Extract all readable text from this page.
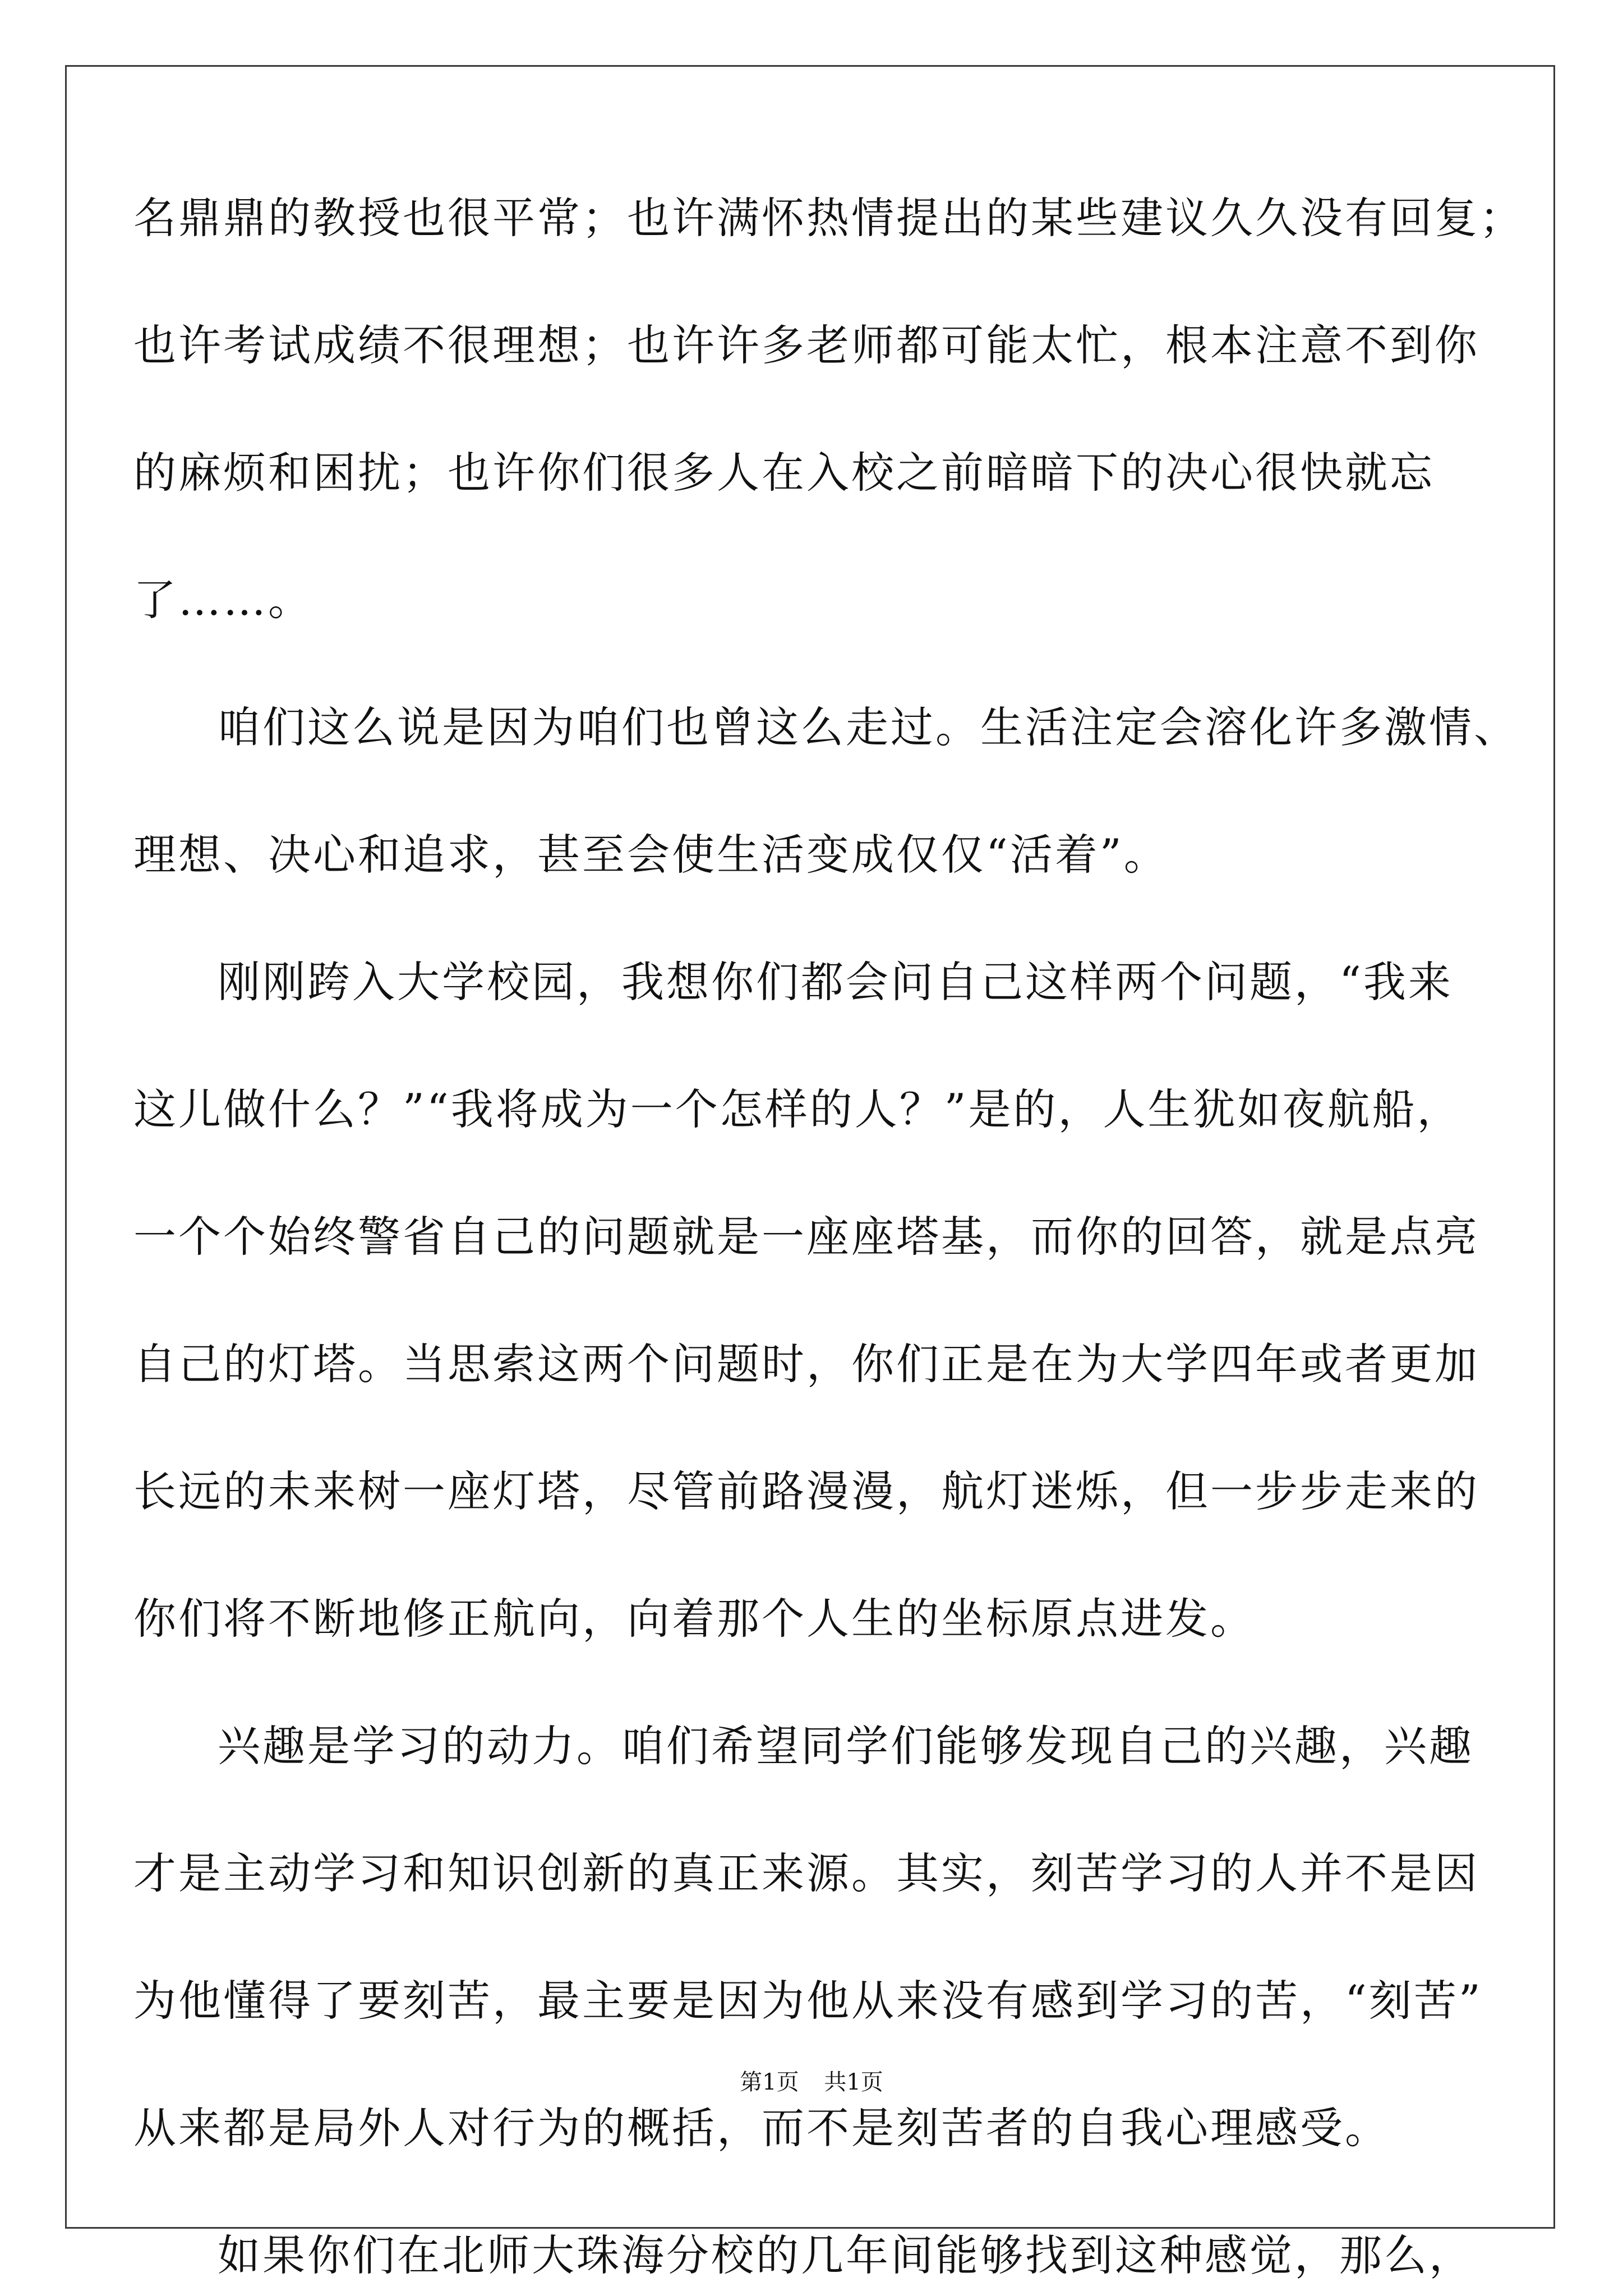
名鼎鼎的教授也很平常；也许满怀热情提出的某些建议久久没有回复；
也许考试成绩不很理想；也许许多老师都可能太忙，根本注意不到你
的麻烦和困扰；也许你们很多人在入校之前暗暗下的决心很快就忘
了……。
咱们这么说是因为咱们也曾这么走过。生活注定会溶化许多激情、
理想、决心和追求，甚至会使生活变成仅仅“活着”。
刚刚跨入大学校园，我想你们都会问自己这样两个问题，“我来
这儿做什么？”“我将成为一个怎样的人？”是的，人生犹如夜航船，
一个个始终警省自己的问题就是一座座塔基，而你的回答，就是点亮
自己的灯塔。当思索这两个问题时，你们正是在为大学四年或者更加
长远的未来树一座灯塔，尽管前路漫漫，航灯迷烁，但一步步走来的
你们将不断地修正航向，向着那个人生的坐标原点进发。
兴趣是学习的动力。咱们希望同学们能够发现自己的兴趣，兴趣
才是主动学习和知识创新的真正来源。其实，刻苦学习的人并不是因
为他懂得了要刻苦，最主要是因为他从来没有感到学习的苦，“刻苦”
从来都是局外人对行为的概括，而不是刻苦者的自我心理感受。
如果你们在北师大珠海分校的几年间能够找到这种感觉，那么，
第1页 共1页
